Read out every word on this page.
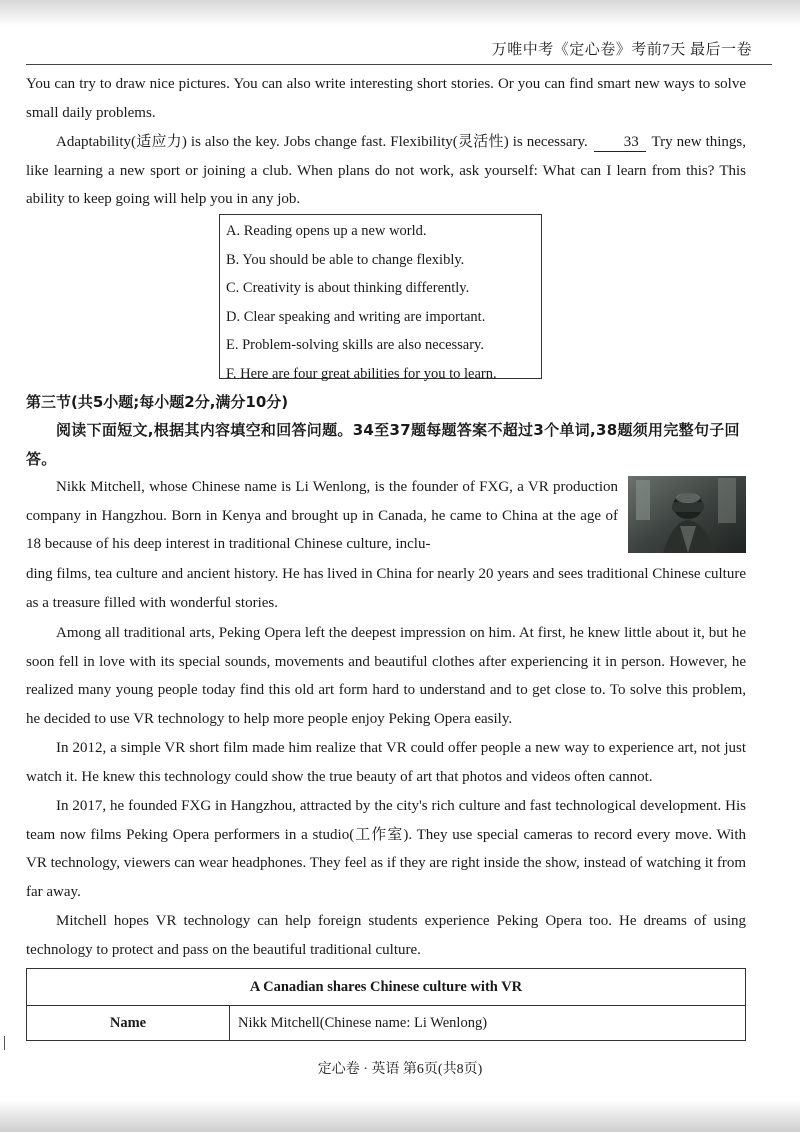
万唯中考《定心卷》考前7天 最后一卷

You can try to draw nice pictures. You can also write interesting short stories. Or you can find smart new ways to solve small daily problems.

Adaptability(适应力) is also the key. Jobs change fast. Flexibility(灵活性) is necessary. 33 Try new things, like learning a new sport or joining a club. When plans do not work, ask yourself: What can I learn from this? This ability to keep going will help you in any job.

A. Reading opens up a new world.
B. You should be able to change flexibly.
C. Creativity is about thinking differently.
D. Clear speaking and writing are important.
E. Problem-solving skills are also necessary.
F. Here are four great abilities for you to learn.
第三节(共5小题;每小题2分,满分10分)
阅读下面短文,根据其内容填空和回答问题。34至37题每题答案不超过3个单词,38题须用完整句子回答。

Nikk Mitchell, whose Chinese name is Li Wenlong, is the founder of FXG, a VR production company in Hangzhou. Born in Kenya and brought up in Canada, he came to China at the age of 18 because of his deep interest in traditional Chinese culture, inclu-

ding films, tea culture and ancient history. He has lived in China for nearly 20 years and sees traditional Chinese culture as a treasure filled with wonderful stories.

Among all traditional arts, Peking Opera left the deepest impression on him. At first, he knew little about it, but he soon fell in love with its special sounds, movements and beautiful clothes after experiencing it in person. However, he realized many young people today find this old art form hard to understand and to get close to. To solve this problem, he decided to use VR technology to help more people enjoy Peking Opera easily.

In 2012, a simple VR short film made him realize that VR could offer people a new way to experience art, not just watch it. He knew this technology could show the true beauty of art that photos and videos often cannot.

In 2017, he founded FXG in Hangzhou, attracted by the city's rich culture and fast technological development. His team now films Peking Opera performers in a studio(工作室). They use special cameras to record every move. With VR technology, viewers can wear headphones. They feel as if they are right inside the show, instead of watching it from far away.

Mitchell hopes VR technology can help foreign students experience Peking Opera too. He dreams of using technology to protect and pass on the beautiful traditional culture.

A Canadian shares Chinese culture with VR
Name	Nikk Mitchell(Chinese name: Li Wenlong)
定心卷 · 英语 第6页(共8页)
